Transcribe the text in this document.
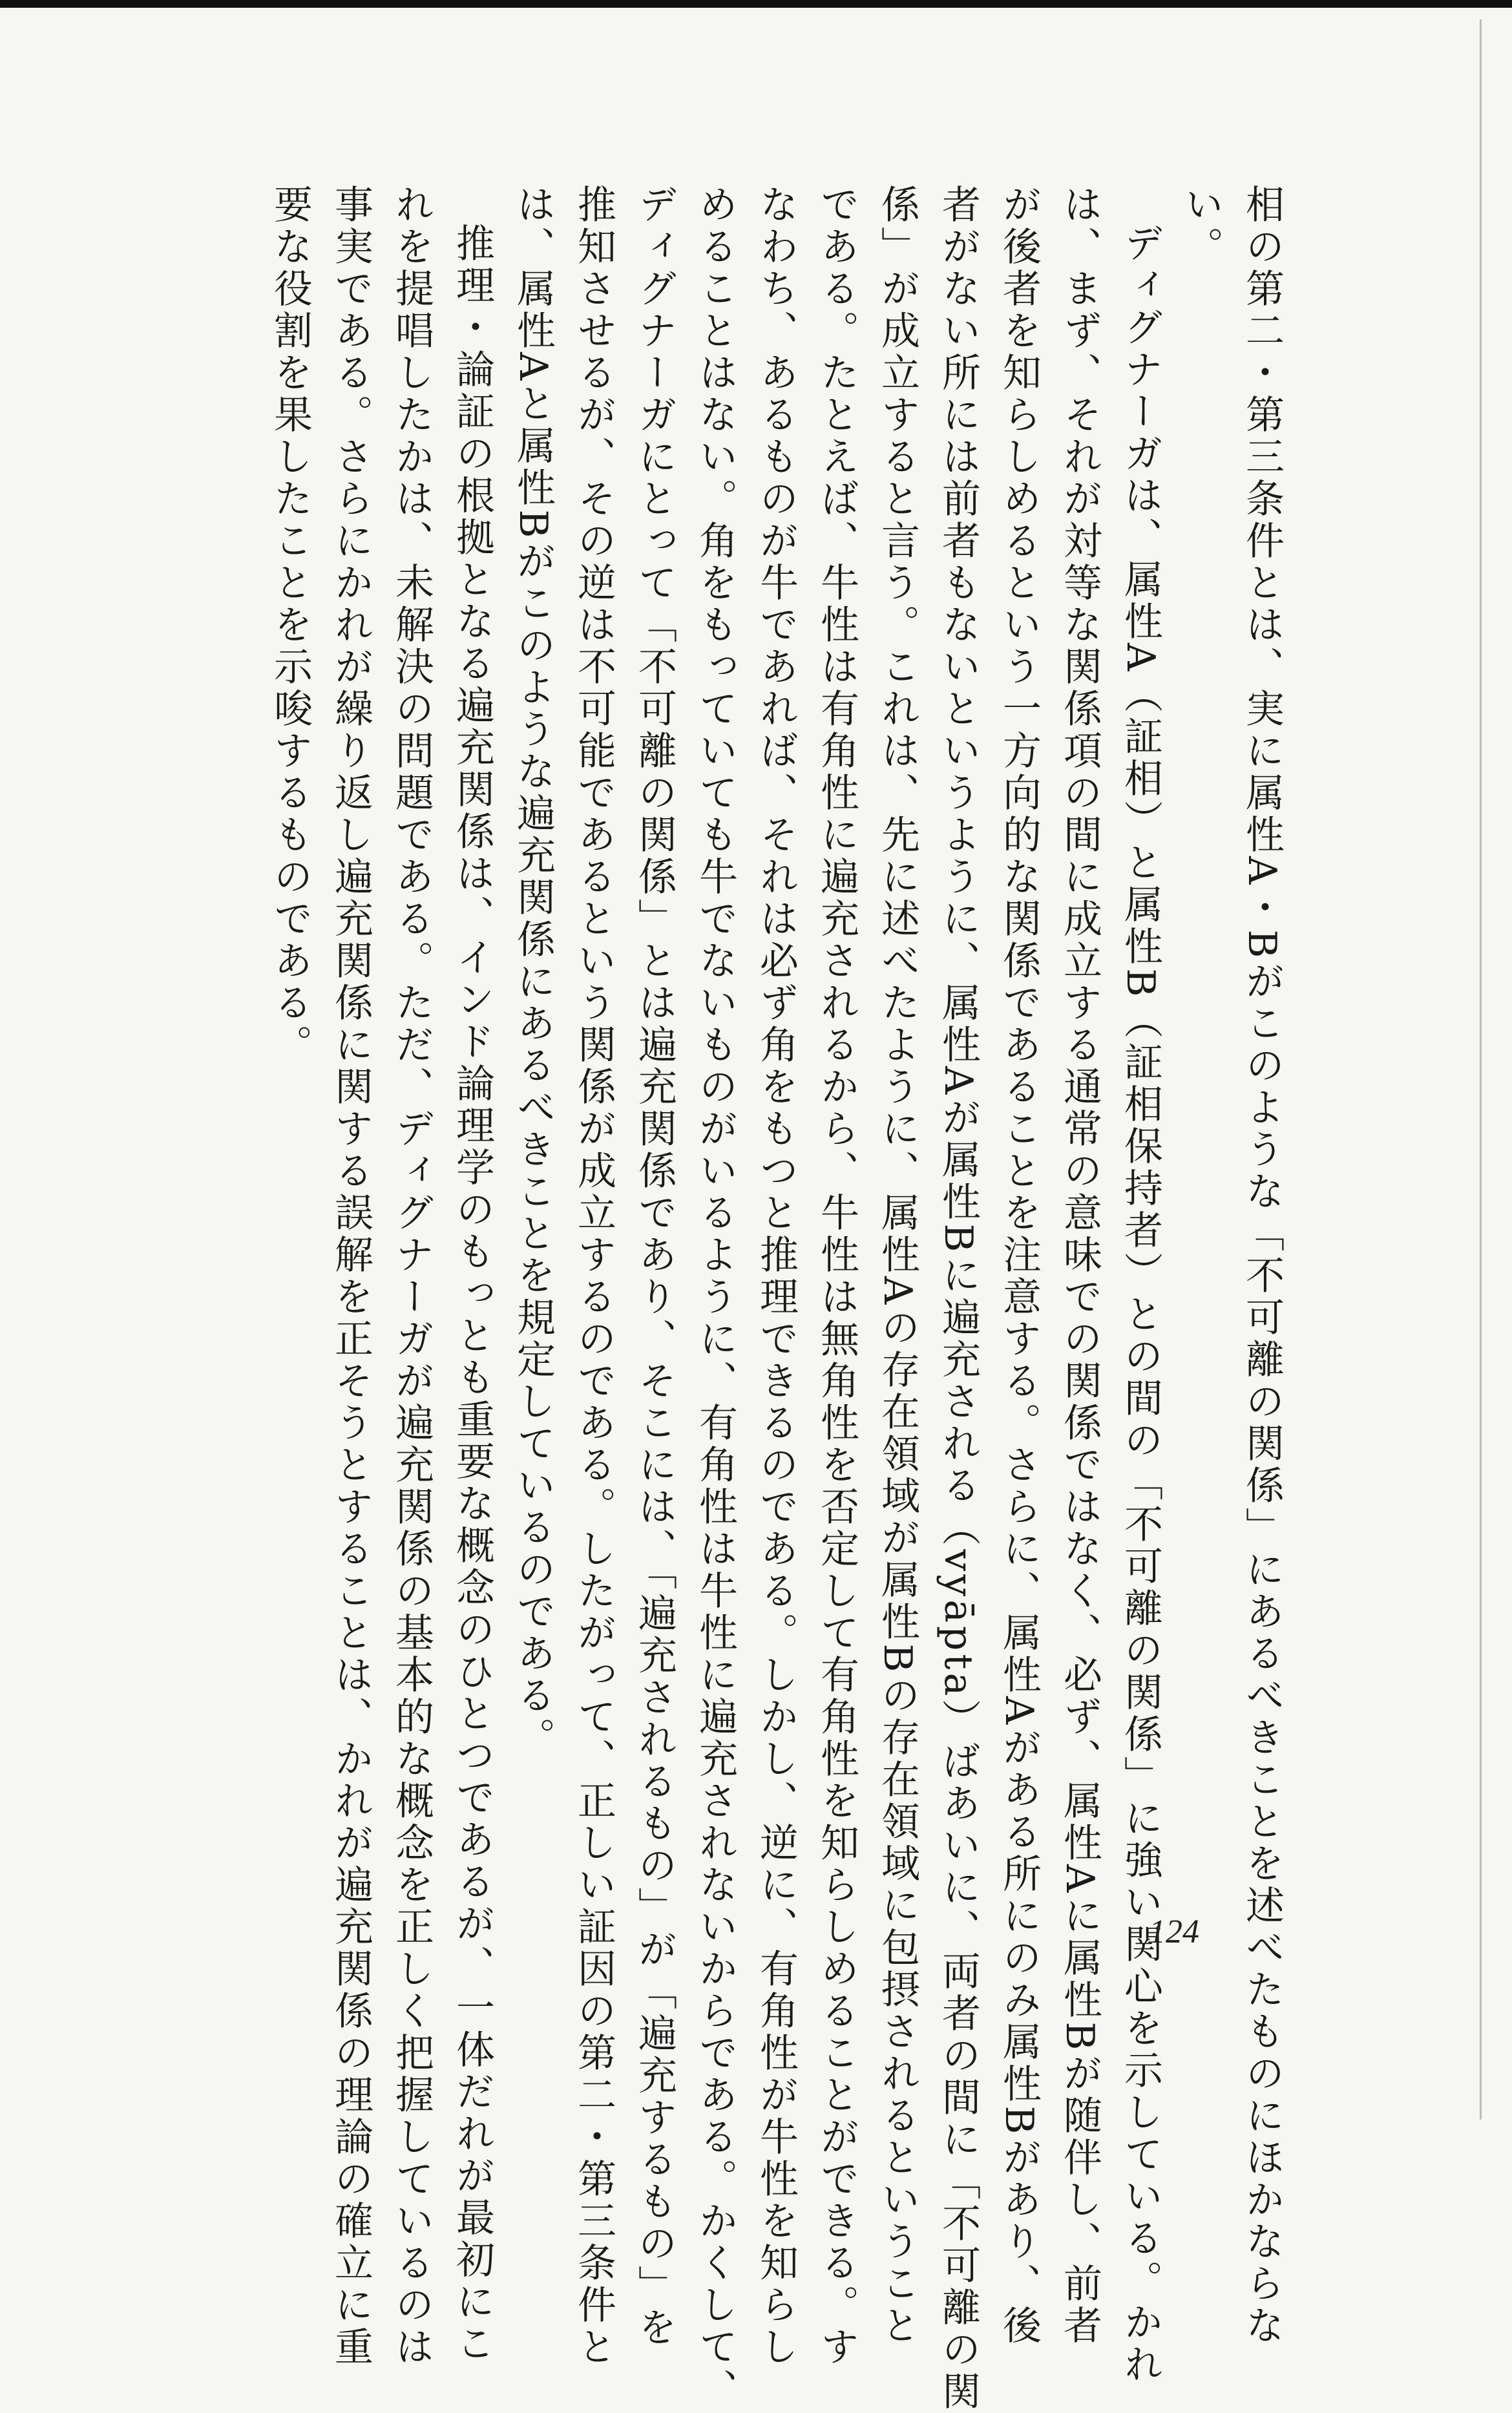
相の第二・第三条件とは、実に属性A・Bがこのような「不可離の関係」にあるべきことを述べたものにほかならな
い。
ディグナーガは、属性A（証相）と属性B（証相保持者）との間の「不可離の関係」に強い関心を示している。かれ
は、まず、それが対等な関係項の間に成立する通常の意味での関係ではなく、必ず、属性Aに属性Bが随伴し、前者
が後者を知らしめるという一方向的な関係であることを注意する。さらに、属性Aがある所にのみ属性Bがあり、後
者がない所には前者もないというように、属性Aが属性Bに遍充される（vyāpta）ばあいに、両者の間に「不可離の関
係」が成立すると言う。これは、先に述べたように、属性Aの存在領域が属性Bの存在領域に包摂されるということ
である。たとえば、牛性は有角性に遍充されるから、牛性は無角性を否定して有角性を知らしめることができる。す
なわち、あるものが牛であれば、それは必ず角をもつと推理できるのである。しかし、逆に、有角性が牛性を知らし
めることはない。角をもっていても牛でないものがいるように、有角性は牛性に遍充されないからである。かくして、
ディグナーガにとって「不可離の関係」とは遍充関係であり、そこには、「遍充されるもの」が「遍充するもの」を
推知させるが、その逆は不可能であるという関係が成立するのである。したがって、正しい証因の第二・第三条件と
は、属性Aと属性Bがこのような遍充関係にあるべきことを規定しているのである。
推理・論証の根拠となる遍充関係は、インド論理学のもっとも重要な概念のひとつであるが、一体だれが最初にこ
れを提唱したかは、未解決の問題である。ただ、ディグナーガが遍充関係の基本的な概念を正しく把握しているのは
事実である。さらにかれが繰り返し遍充関係に関する誤解を正そうとすることは、かれが遍充関係の理論の確立に重
要な役割を果したことを示唆するものである。
124
